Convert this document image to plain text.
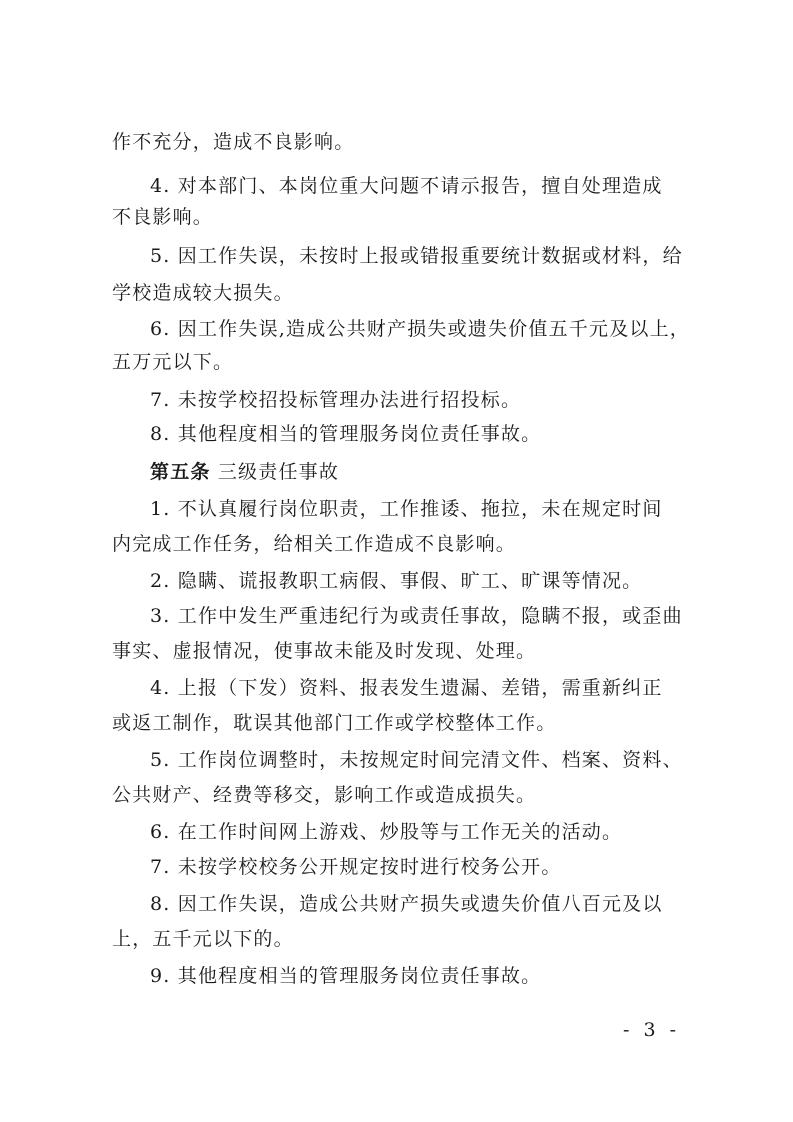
作不充分，造成不良影响。
4. 对本部门、本岗位重大问题不请示报告，擅自处理造成
不良影响。
5. 因工作失误，未按时上报或错报重要统计数据或材料，给
学校造成较大损失。
6. 因工作失误,造成公共财产损失或遗失价值五千元及以上，
五万元以下。
7. 未按学校招投标管理办法进行招投标。
8. 其他程度相当的管理服务岗位责任事故。
第五条 三级责任事故
1. 不认真履行岗位职责，工作推诿、拖拉，未在规定时间
内完成工作任务，给相关工作造成不良影响。
2. 隐瞒、谎报教职工病假、事假、旷工、旷课等情况。
3. 工作中发生严重违纪行为或责任事故，隐瞒不报，或歪曲
事实、虚报情况，使事故未能及时发现、处理。
4. 上报（下发）资料、报表发生遗漏、差错，需重新纠正
或返工制作，耽误其他部门工作或学校整体工作。
5. 工作岗位调整时，未按规定时间完清文件、档案、资料、
公共财产、经费等移交，影响工作或造成损失。
6. 在工作时间网上游戏、炒股等与工作无关的活动。
7. 未按学校校务公开规定按时进行校务公开。
8. 因工作失误，造成公共财产损失或遗失价值八百元及以
上，五千元以下的。
9. 其他程度相当的管理服务岗位责任事故。
- 3 -
